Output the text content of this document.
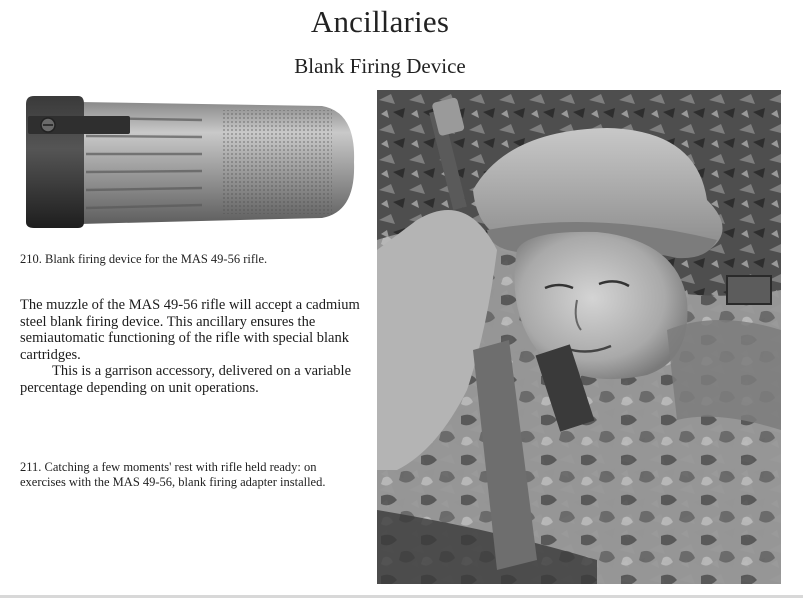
Ancillaries
Blank Firing Device
210. Blank firing device for the MAS 49-56 rifle.

The muzzle of the MAS 49-56 rifle will accept a cadmium steel blank firing device. This ancillary ensures the semiautomatic functioning of the rifle with special blank cartridges.

This is a garrison accessory, delivered on a variable percentage depending on unit operations.

211. Catching a few moments' rest with rifle held ready: on exercises with the MAS 49-56, blank firing adapter installed.
